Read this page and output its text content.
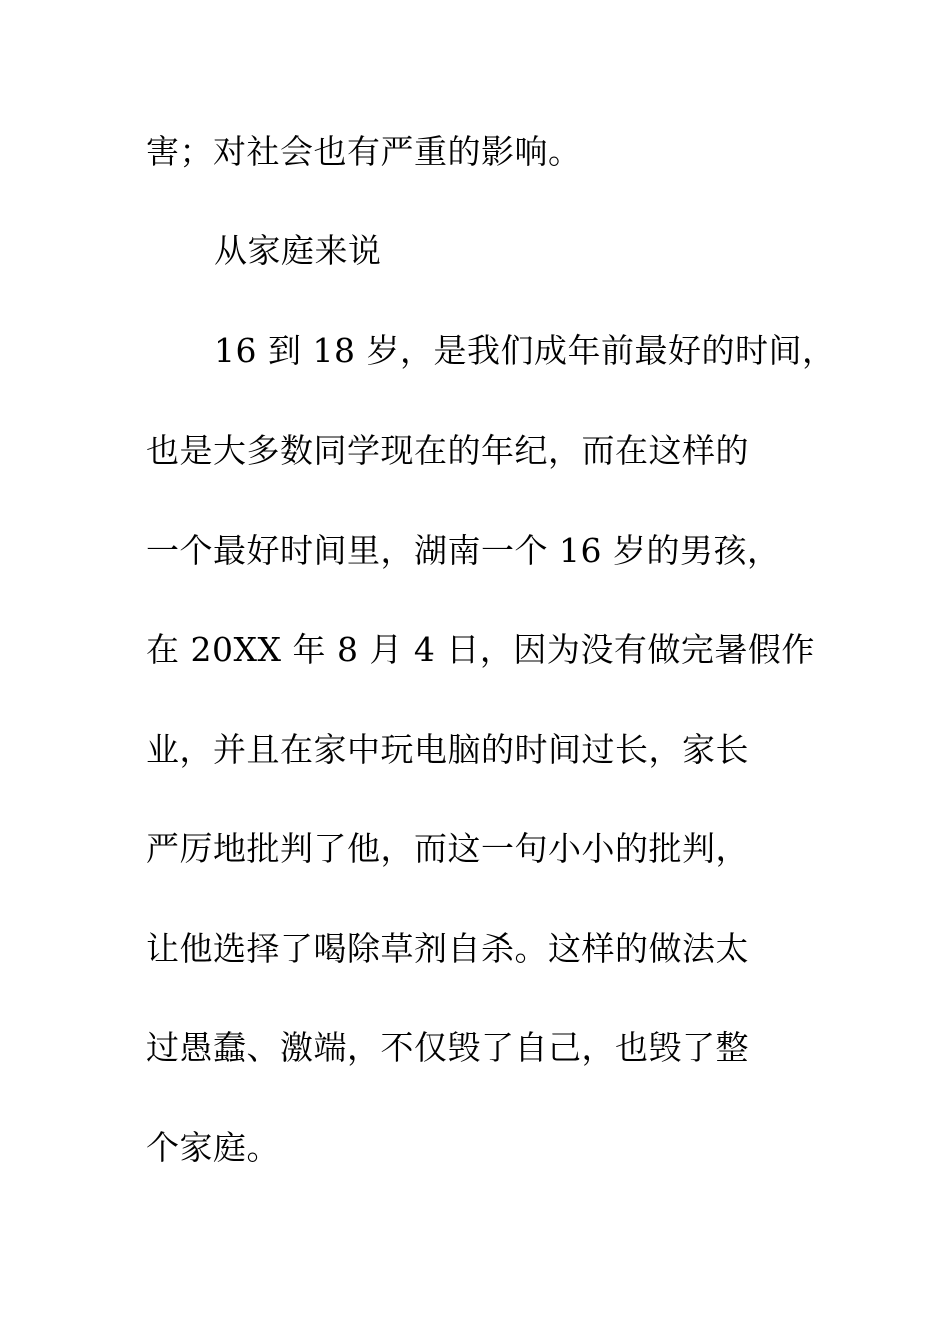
害；对社会也有严重的影响。

从家庭来说

16 到 18 岁，是我们成年前最好的时间，

也是大多数同学现在的年纪，而在这样的

一个最好时间里，湖南一个 16 岁的男孩，

在 20XX 年 8 月 4 日，因为没有做完暑假作

业，并且在家中玩电脑的时间过长，家长

严厉地批判了他，而这一句小小的批判，

让他选择了喝除草剂自杀。这样的做法太

过愚蠢、激端，不仅毁了自己，也毁了整

个家庭。
